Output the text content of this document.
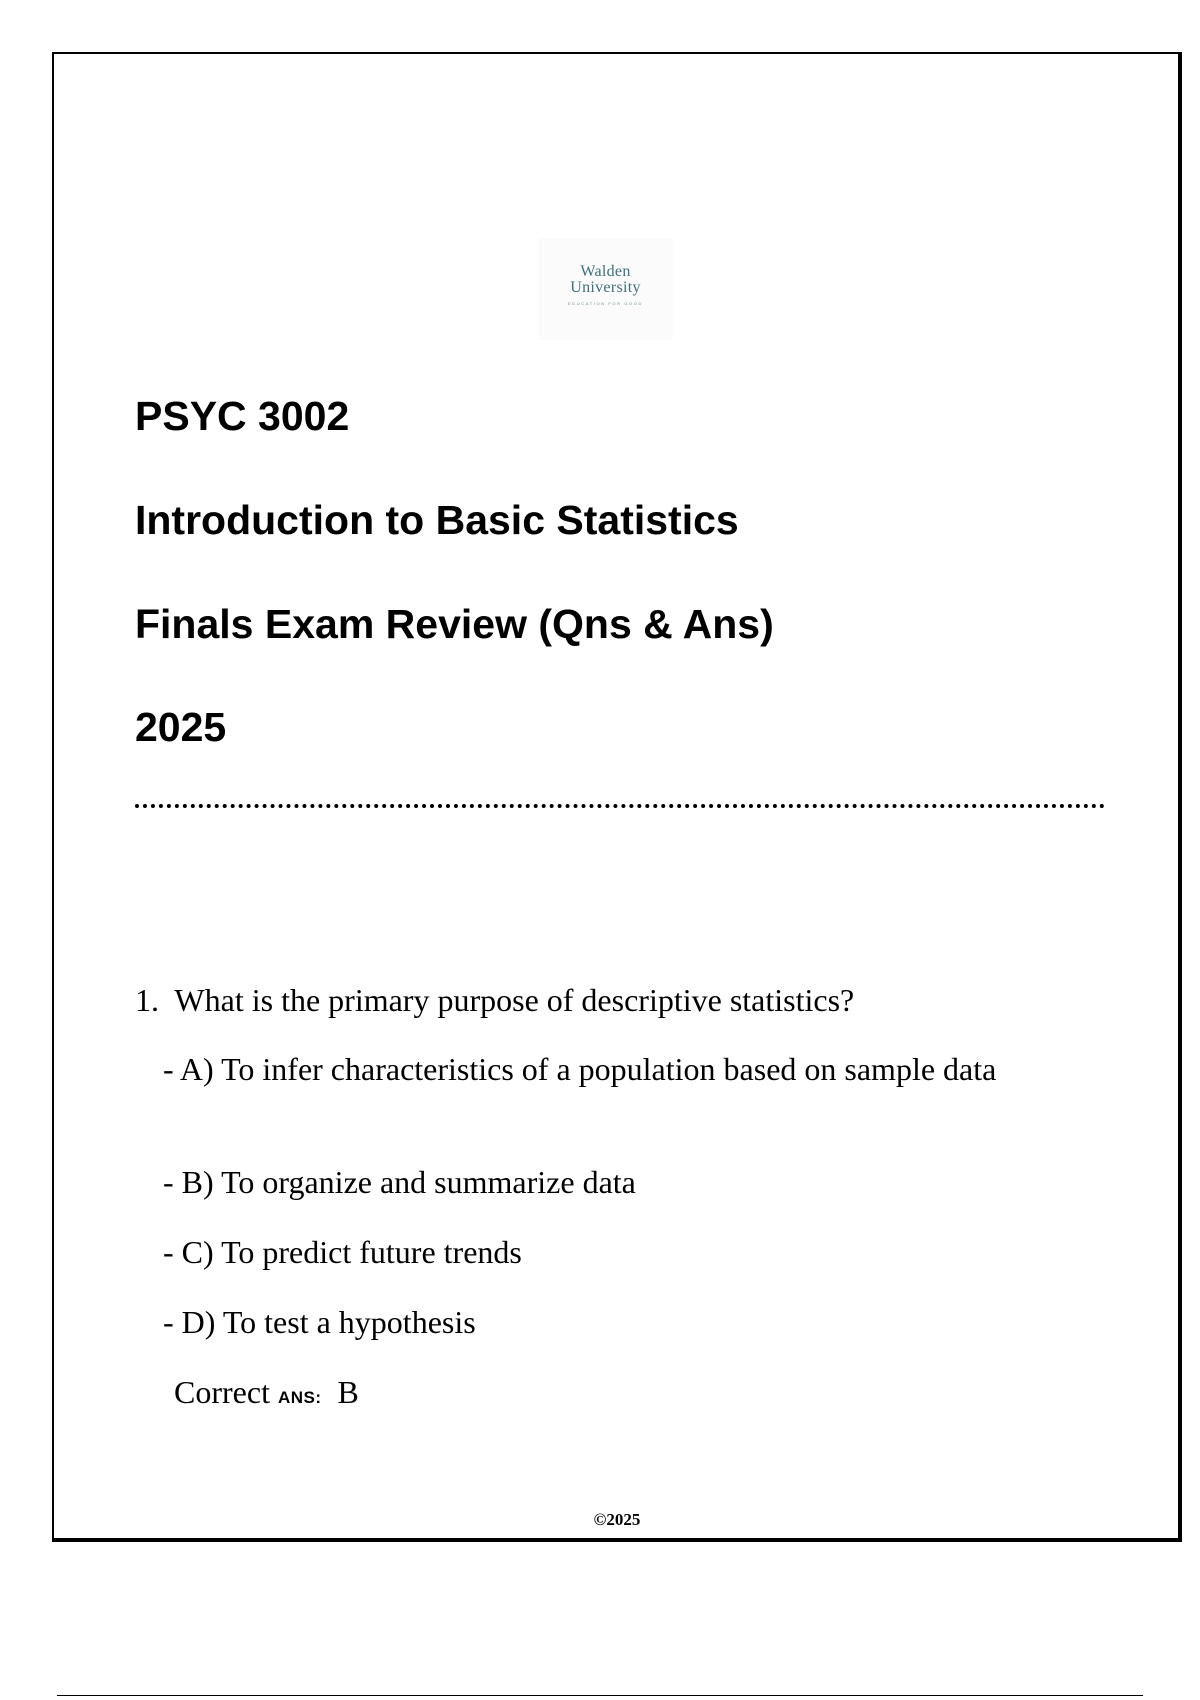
Walden
University
EDUCATION FOR GOOD
PSYC 3002
Introduction to Basic Statistics
Finals Exam Review (Qns & Ans)
2025

1. What is the primary purpose of descriptive statistics?

- A) To infer characteristics of a population based on sample data

- B) To organize and summarize data

- C) To predict future trends

- D) To test a hypothesis

Correct ANS: B

©2025
